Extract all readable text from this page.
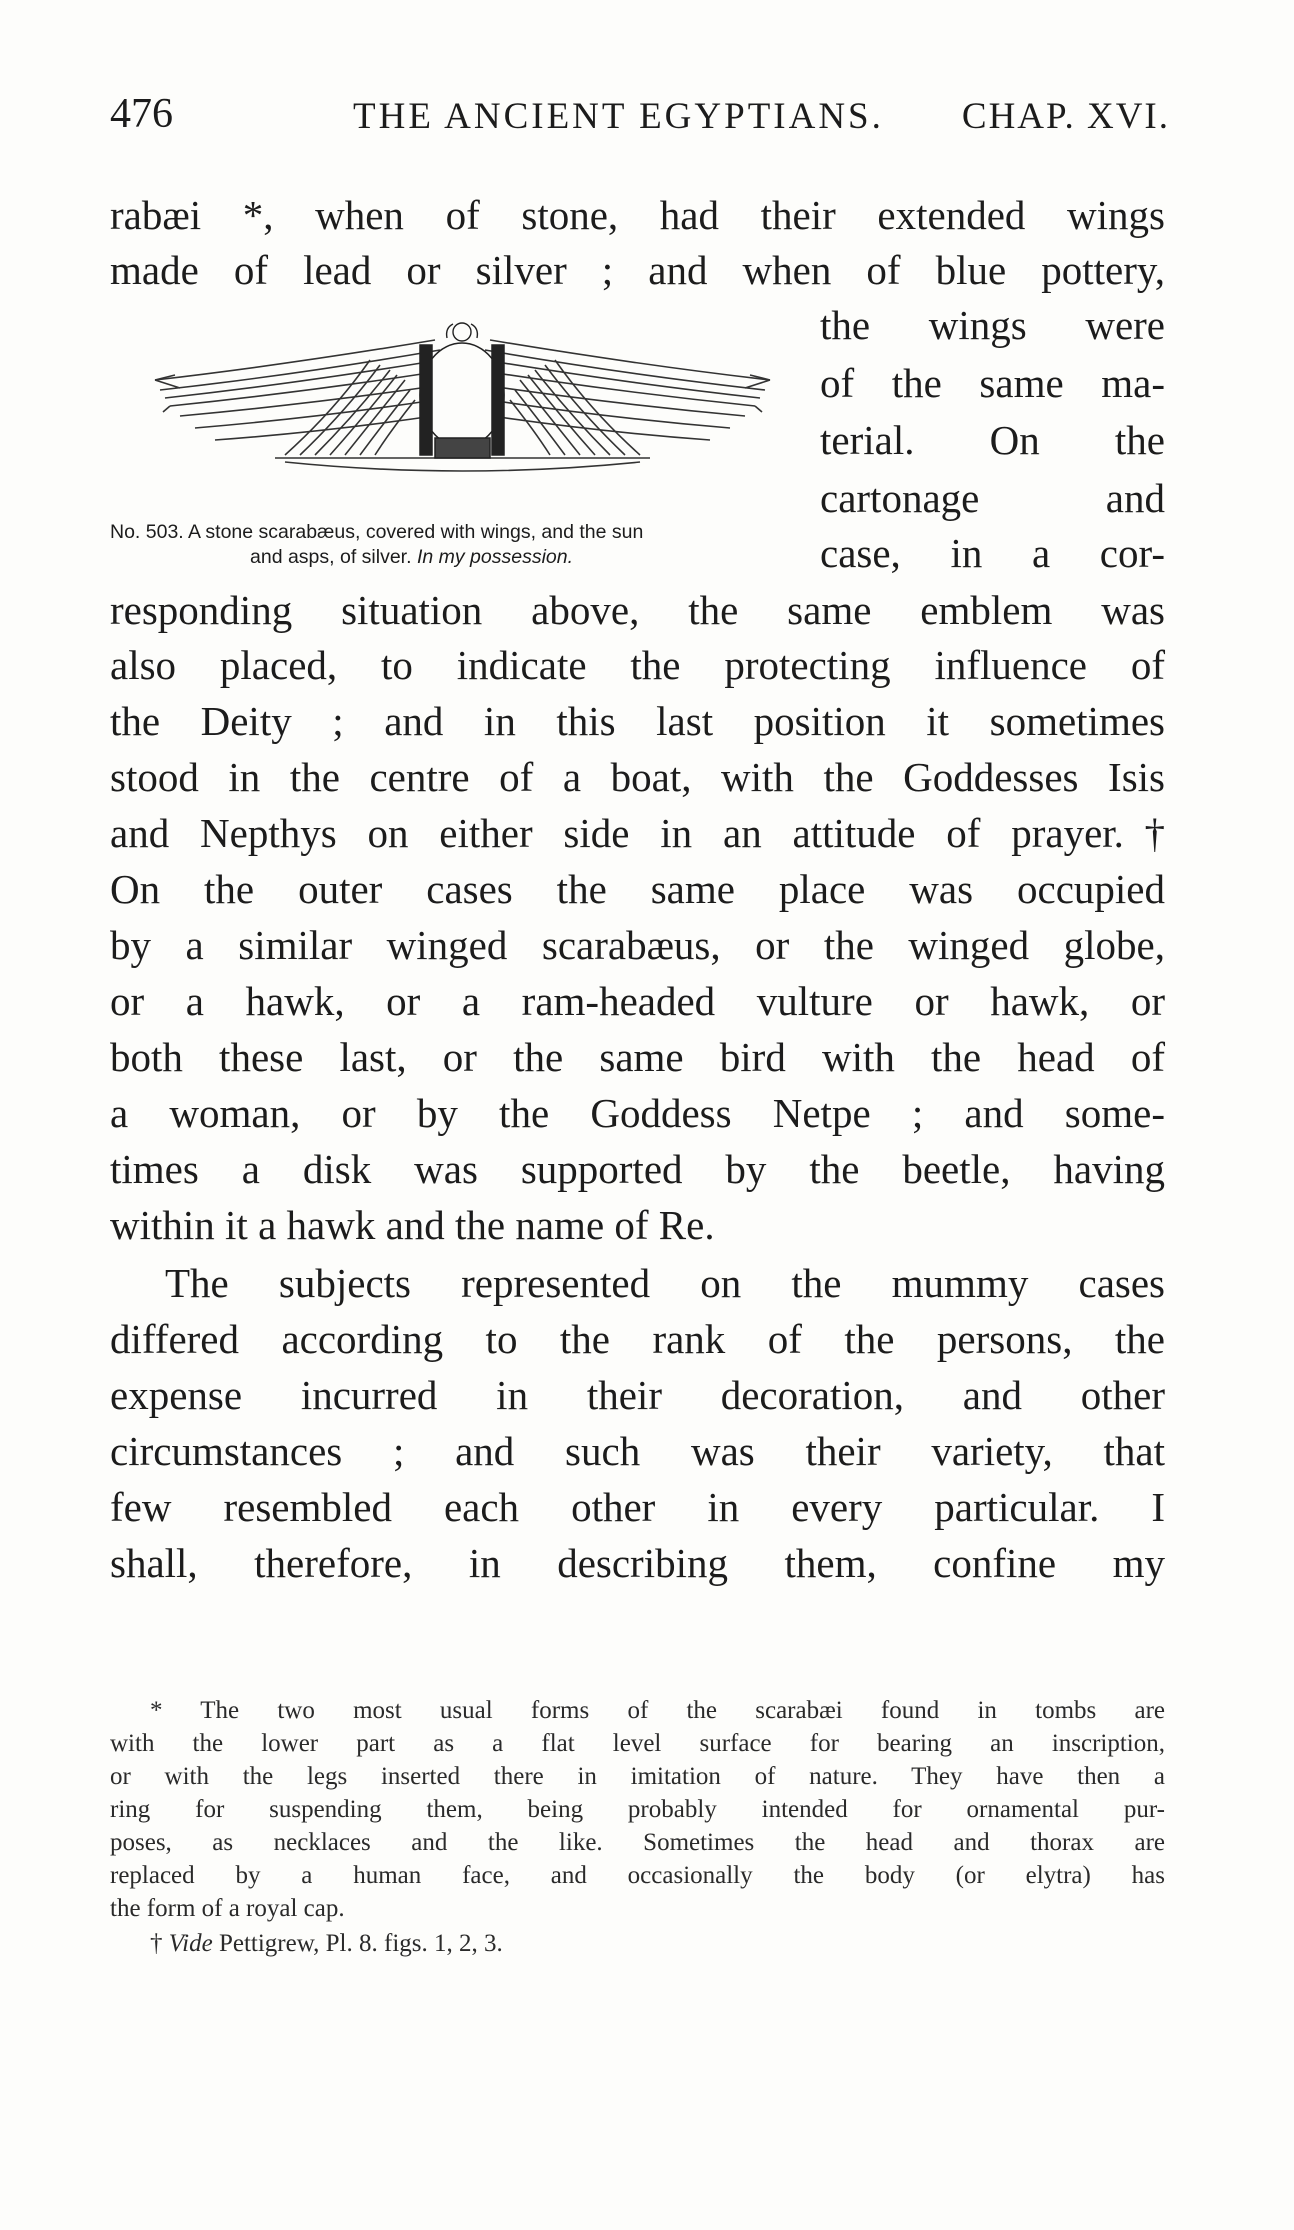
476	THE ANCIENT EGYPTIANS. CHAP. XVI.
rabæi *, when of stone, had their extended wings
made of lead or silver ; and when of blue pottery,
the wings were
of the same ma-
terial. On the
cartonage and
case, in a cor-
responding situation above, the same emblem was
also placed, to indicate the protecting influence of
the Deity ; and in this last position it sometimes
stood in the centre of a boat, with the Goddesses Isis
and Nepthys on either side in an attitude of prayer.†
On the outer cases the same place was occupied
by a similar winged scarabæus, or the winged globe,
or a hawk, or a ram-headed vulture or hawk, or
both these last, or the same bird with the head of
a woman, or by the Goddess Netpe ; and some-
times a disk was supported by the beetle, having
within it a hawk and the name of Re.
The subjects represented on the mummy cases
differed according to the rank of the persons, the
expense incurred in their decoration, and other
circumstances ; and such was their variety, that
few resembled each other in every particular. I
shall, therefore, in describing them, confine my
No. 503. A stone scarabæus, covered with wings, and the sun
and asps, of silver. In my possession.
* The two most usual forms of the scarabæi found in tombs are
with the lower part as a flat level surface for bearing an inscription,
or with the legs inserted there in imitation of nature. They have then a
ring for suspending them, being probably intended for ornamental pur-
poses, as necklaces and the like. Sometimes the head and thorax are
replaced by a human face, and occasionally the body (or elytra) has
the form of a royal cap.
† Vide Pettigrew, Pl. 8. figs. 1, 2, 3.
